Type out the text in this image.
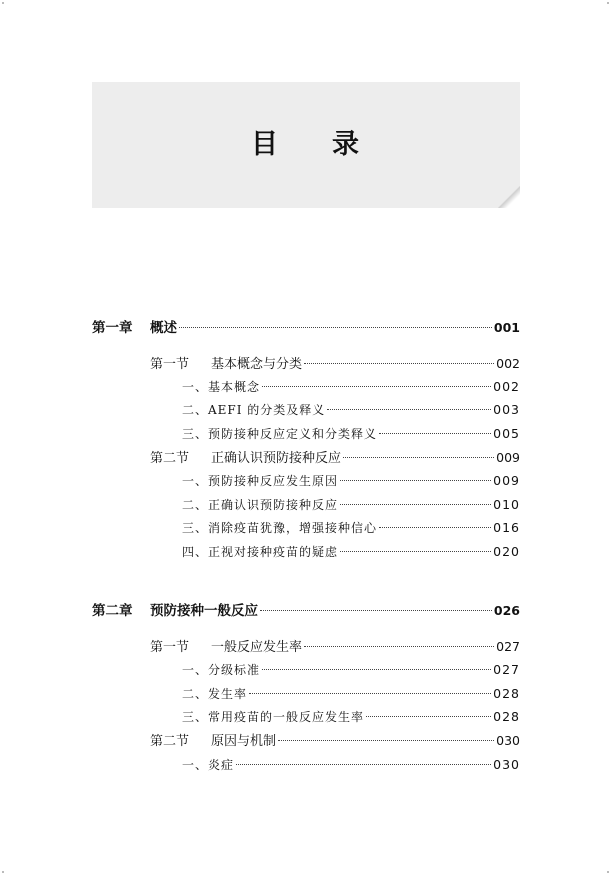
目 录
第一章 概述	001
第一节 基本概念与分类	002
一、基本概念	002
二、AEFI 的分类及释义	003
三、预防接种反应定义和分类释义	005
第二节 正确认识预防接种反应	009
一、预防接种反应发生原因	009
二、正确认识预防接种反应	010
三、消除疫苗犹豫，增强接种信心	016
四、正视对接种疫苗的疑虑	020
第二章 预防接种一般反应	026
第一节 一般反应发生率	027
一、分级标准	027
二、发生率	028
三、常用疫苗的一般反应发生率	028
第二节 原因与机制	030
一、炎症	030
